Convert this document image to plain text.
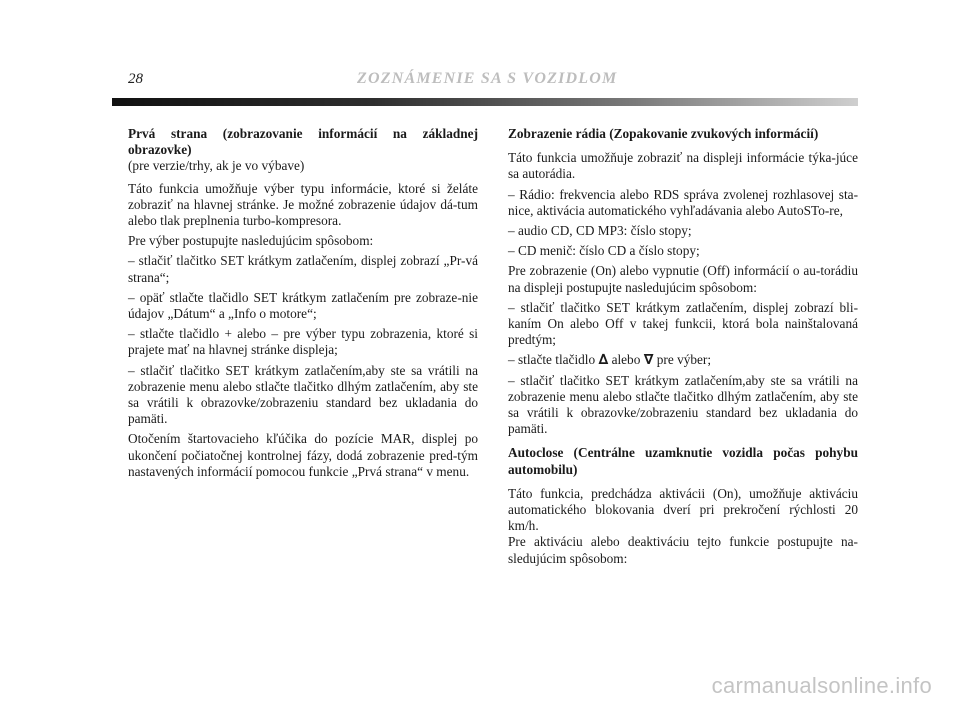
28	ZOZNÁMENIE SA S VOZIDLOM

Prvá strana (zobrazovanie informácií na základnej obrazovke)

(pre verzie/trhy, ak je vo výbave)

Táto funkcia umožňuje výber typu informácie, ktoré si želáte zobraziť na hlavnej stránke. Je možné zobrazenie údajov dá-tum alebo tlak preplnenia turbo-kompresora.

Pre výber postupujte nasledujúcim spôsobom:

– stlačiť tlačitko SET krátkym zatlačením, displej zobrazí „Pr-vá strana“;

– opäť stlačte tlačidlo SET krátkym zatlačením pre zobraze-nie údajov „Dátum“ a „Info o motore“;

– stlačte tlačidlo + alebo – pre výber typu zobrazenia, ktoré si prajete mať na hlavnej stránke displeja;

– stlačiť tlačitko SET krátkym zatlačením,aby ste sa vrátili na zobrazenie menu alebo stlačte tlačitko dlhým zatlačením, aby ste sa vrátili k obrazovke/zobrazeniu standard bez ukladania do pamäti.

Otočením štartovacieho kľúčika do pozície MAR, displej po ukončení počiatočnej kontrolnej fázy, dodá zobrazenie pred-tým nastavených informácií pomocou funkcie „Prvá strana“ v menu.

Zobrazenie rádia (Zopakovanie zvukových informácií)

Táto funkcia umožňuje zobraziť na displeji informácie týka-júce sa autorádia.

– Rádio: frekvencia alebo RDS správa zvolenej rozhlasovej sta-nice, aktivácia automatického vyhľadávania alebo AutoSTo-re,

– audio CD, CD MP3: číslo stopy;

– CD menič: číslo CD a číslo stopy;

Pre zobrazenie (On) alebo vypnutie (Off) informácií o au-torádiu na displeji postupujte nasledujúcim spôsobom:

– stlačiť tlačitko SET krátkym zatlačením, displej zobrazí bli-kaním On alebo Off v takej funkcii, ktorá bola nainštalovaná predtým;

– stlačte tlačidlo ∆ alebo ∇ pre výber;

– stlačiť tlačitko SET krátkym zatlačením,aby ste sa vrátili na zobrazenie menu alebo stlačte tlačitko dlhým zatlačením, aby ste sa vrátili k obrazovke/zobrazeniu standard bez ukladania do pamäti.

Autoclose (Centrálne uzamknutie vozidla počas pohybu automobilu)

Táto funkcia, predchádza aktivácii (On), umožňuje aktiváciu automatického blokovania dverí pri prekročení rýchlosti 20 km/h.

Pre aktiváciu alebo deaktiváciu tejto funkcie postupujte na-sledujúcim spôsobom:

carmanualsonline.info
